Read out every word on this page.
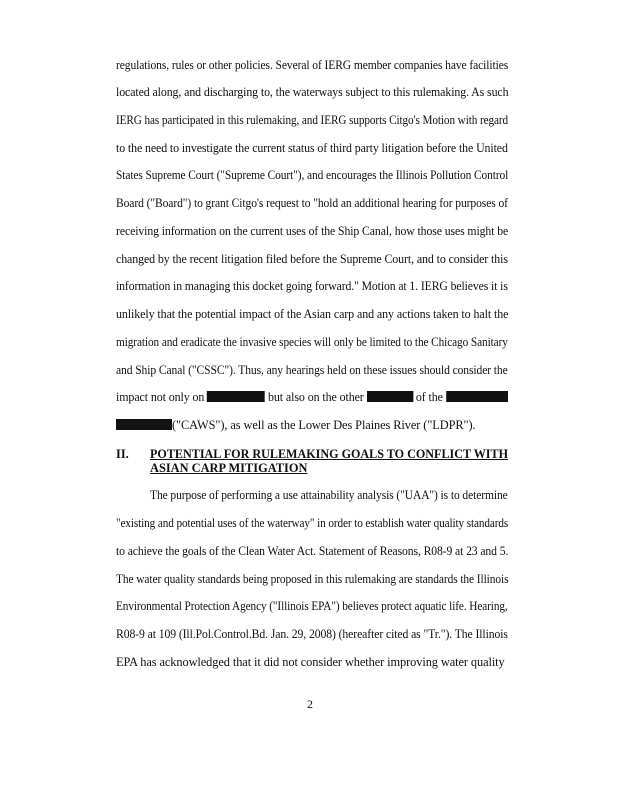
regulations, rules or other policies. Several of IERG member companies have facilities
located along, and discharging to, the waterways subject to this rulemaking. As such
IERG has participated in this rulemaking, and IERG supports Citgo's Motion with regard
to the need to investigate the current status of third party litigation before the United
States Supreme Court ("Supreme Court"), and encourages the Illinois Pollution Control
Board ("Board") to grant Citgo's request to "hold an additional hearing for purposes of
receiving information on the current uses of the Ship Canal, how those uses might be
changed by the recent litigation filed before the Supreme Court, and to consider this
information in managing this docket going forward." Motion at 1. IERG believes it is
unlikely that the potential impact of the Asian carp and any actions taken to halt the
migration and eradicate the invasive species will only be limited to the Chicago Sanitary
and Ship Canal ("CSSC"). Thus, any hearings held on these issues should consider the
impact not only on	but also on the other	of the
("CAWS"), as well as the Lower Des Plaines River ("LDPR").
II. POTENTIAL FOR RULEMAKING GOALS TO CONFLICT WITH
ASIAN CARP MITIGATION
The purpose of performing a use attainability analysis ("UAA") is to determine
"existing and potential uses of the waterway" in order to establish water quality standards
to achieve the goals of the Clean Water Act. Statement of Reasons, R08-9 at 23 and 5.
The water quality standards being proposed in this rulemaking are standards the Illinois
Environmental Protection Agency ("Illinois EPA") believes protect aquatic life. Hearing,
R08-9 at 109 (Ill.Pol.Control.Bd. Jan. 29, 2008) (hereafter cited as "Tr."). The Illinois
EPA has acknowledged that it did not consider whether improving water quality
2
